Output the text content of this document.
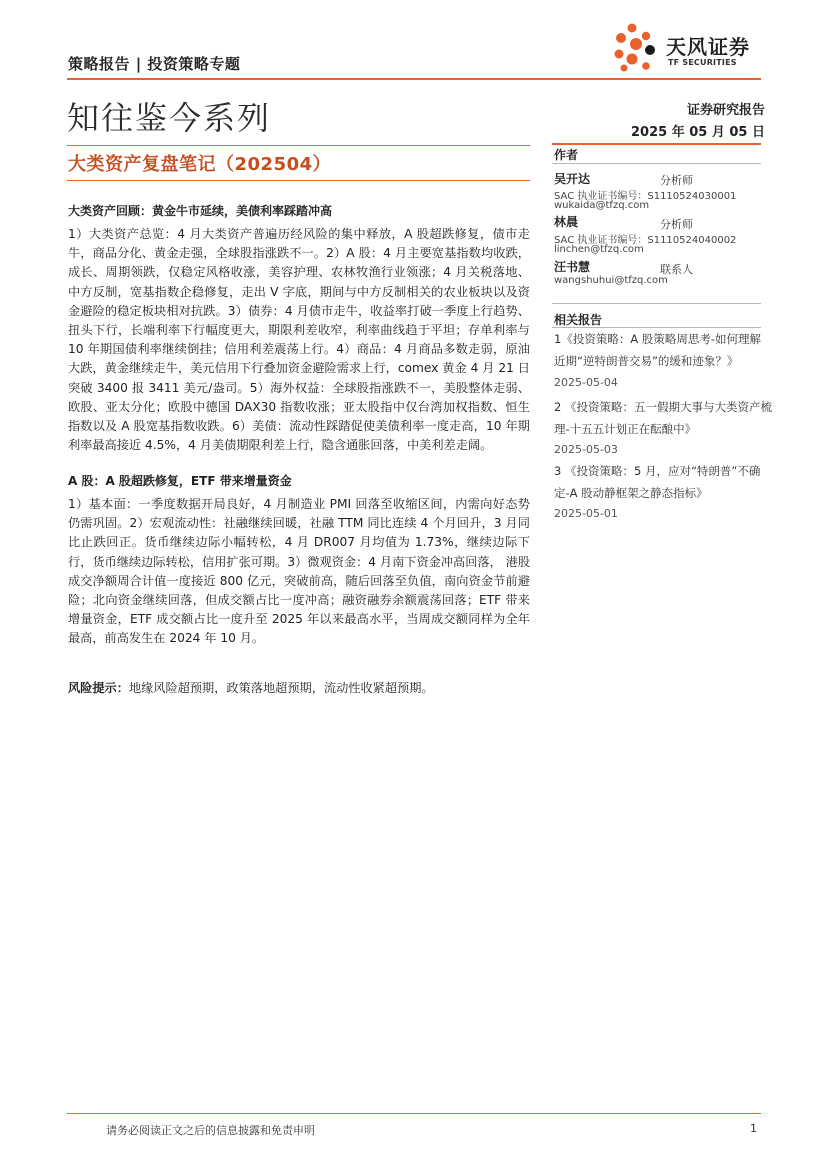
策略报告 | 投资策略专题
天风证券
TF SECURITIES
知往鉴今系列	证券研究报告
2025 年 05 月 05 日
大类资产复盘笔记（202504）
大类资产回顾：黄金牛市延续，美债利率踩踏冲高

1）大类资产总览：4 月大类资产普遍历经风险的集中释放，A 股超跌修复，债市走牛，商品分化、黄金走强，全球股指涨跌不一。2）A 股：4 月主要宽基指数均收跌，成长、周期领跌，仅稳定风格收涨，美容护理、农林牧渔行业领涨；4 月关税落地、中方反制，宽基指数企稳修复，走出 V 字底，期间与中方反制相关的农业板块以及资金避险的稳定板块相对抗跌。3）债券：4 月债市走牛，收益率打破一季度上行趋势、扭头下行，长端利率下行幅度更大，期限利差收窄，利率曲线趋于平坦；存单利率与 10 年期国债利率继续倒挂；信用利差震荡上行。4）商品：4 月商品多数走弱，原油大跌，黄金继续走牛，美元信用下行叠加资金避险需求上行，comex 黄金 4 月 21 日突破 3400 报 3411 美元/盎司。5）海外权益：全球股指涨跌不一，美股整体走弱、欧股、亚太分化；欧股中德国 DAX30 指数收涨；亚太股指中仅台湾加权指数、恒生指数以及 A 股宽基指数收跌。6）美债：流动性踩踏促使美债利率一度走高，10 年期利率最高接近 4.5%，4 月美债期限利差上行，隐含通胀回落，中美利差走阔。

A 股：A 股超跌修复，ETF 带来增量资金

1）基本面：一季度数据开局良好，4 月制造业 PMI 回落至收缩区间，内需向好态势仍需巩固。2）宏观流动性：社融继续回暖，社融 TTM 同比连续 4 个月回升，3 月同比止跌回正。货币继续边际小幅转松，4 月 DR007 月均值为 1.73%，继续边际下行，货币继续边际转松，信用扩张可期。3）微观资金：4 月南下资金冲高回落， 港股成交净额周合计值一度接近 800 亿元，突破前高，随后回落至负值，南向资金节前避险；北向资金继续回落，但成交额占比一度冲高；融资融券余额震荡回落；ETF 带来增量资金，ETF 成交额占比一度升至 2025 年以来最高水平，当周成交额同样为全年最高，前高发生在 2024 年 10 月。

风险提示：地缘风险超预期，政策落地超预期，流动性收紧超预期。
作者
吴开达	分析师
SAC 执业证书编号：S1110524030001
wukaida@tfzq.com
林晨	分析师
SAC 执业证书编号：S1110524040002
linchen@tfzq.com
汪书慧	联系人
wangshuhui@tfzq.com
相关报告

1《投资策略：A 股策略周思考-如何理解近期“逆特朗普交易”的缓和迹象？》

2025-05-04

2 《投资策略：五一假期大事与大类资产梳理-十五五计划正在酝酿中》

2025-05-03

3 《投资策略：5 月，应对“特朗普”不确定-A 股动静框架之静态指标》

2025-05-01
请务必阅读正文之后的信息披露和免责申明	1
